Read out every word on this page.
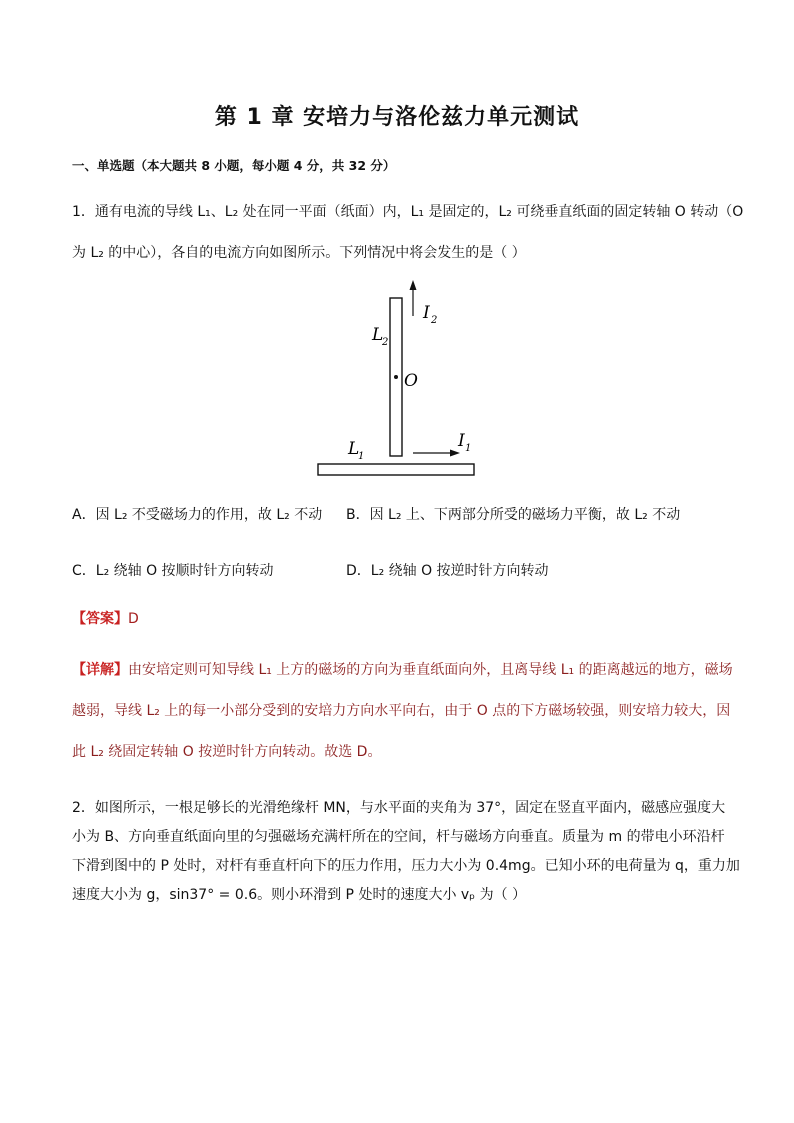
第 1 章 安培力与洛伦兹力单元测试
一、单选题（本大题共 8 小题，每小题 4 分，共 32 分）
1．通有电流的导线 L₁、L₂ 处在同一平面（纸面）内，L₁ 是固定的，L₂ 可绕垂直纸面的固定转轴 O 转动（O
为 L₂ 的中心），各自的电流方向如图所示。下列情况中将会发生的是（ ）
O
I 2
L
2
L
1
I 1
A．因 L₂ 不受磁场力的作用，故 L₂ 不动 B．因 L₂ 上、下两部分所受的磁场力平衡，故 L₂ 不动
C．L₂ 绕轴 O 按顺时针方向转动	D．L₂ 绕轴 O 按逆时针方向转动
【答案】D
【详解】由安培定则可知导线 L₁ 上方的磁场的方向为垂直纸面向外，且离导线 L₁ 的距离越远的地方，磁场
越弱，导线 L₂ 上的每一小部分受到的安培力方向水平向右，由于 O 点的下方磁场较强，则安培力较大，因
此 L₂ 绕固定转轴 O 按逆时针方向转动。故选 D。
2．如图所示，一根足够长的光滑绝缘杆 MN，与水平面的夹角为 37°，固定在竖直平面内，磁感应强度大
小为 B、方向垂直纸面向里的匀强磁场充满杆所在的空间，杆与磁场方向垂直。质量为 m 的带电小环沿杆
下滑到图中的 P 处时，对杆有垂直杆向下的压力作用，压力大小为 0.4mg。已知小环的电荷量为 q，重力加
速度大小为 g，sin37° = 0.6。则小环滑到 P 处时的速度大小 vₚ 为（ ）
